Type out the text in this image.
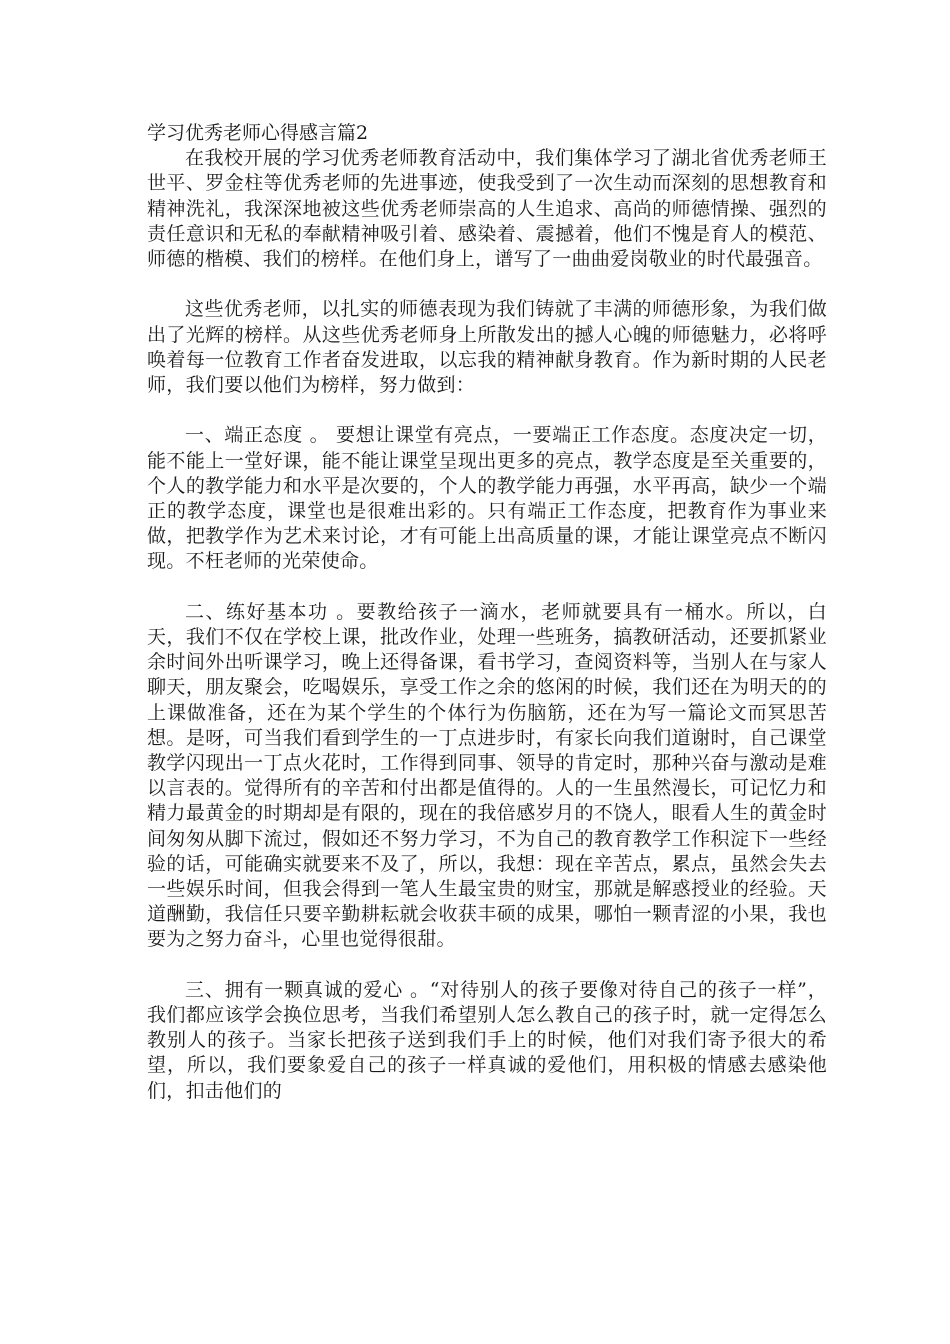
学习优秀老师心得感言篇2

在我校开展的学习优秀老师教育活动中，我们集体学习了湖北省优秀老师王世平、罗金柱等优秀老师的先进事迹，使我受到了一次生动而深刻的思想教育和精神洗礼，我深深地被这些优秀老师崇高的人生追求、高尚的师德情操、强烈的责任意识和无私的奉献精神吸引着、感染着、震撼着，他们不愧是育人的模范、师德的楷模、我们的榜样。在他们身上，谱写了一曲曲爱岗敬业的时代最强音。

这些优秀老师，以扎实的师德表现为我们铸就了丰满的师德形象，为我们做出了光辉的榜样。从这些优秀老师身上所散发出的撼人心魄的师德魅力，必将呼唤着每一位教育工作者奋发进取，以忘我的精神献身教育。作为新时期的人民老师，我们要以他们为榜样，努力做到：

一、端正态度 。 要想让课堂有亮点，一要端正工作态度。态度决定一切，能不能上一堂好课，能不能让课堂呈现出更多的亮点，教学态度是至关重要的，个人的教学能力和水平是次要的，个人的教学能力再强，水平再高，缺少一个端正的教学态度，课堂也是很难出彩的。只有端正工作态度，把教育作为事业来做，把教学作为艺术来讨论，才有可能上出高质量的课，才能让课堂亮点不断闪现。不枉老师的光荣使命。

二、练好基本功 。要教给孩子一滴水，老师就要具有一桶水。所以，白天，我们不仅在学校上课，批改作业，处理一些班务，搞教研活动，还要抓紧业余时间外出听课学习，晚上还得备课，看书学习，查阅资料等，当别人在与家人聊天，朋友聚会，吃喝娱乐，享受工作之余的悠闲的时候，我们还在为明天的的上课做准备，还在为某个学生的个体行为伤脑筋，还在为写一篇论文而冥思苦想。是呀，可当我们看到学生的一丁点进步时，有家长向我们道谢时，自己课堂教学闪现出一丁点火花时，工作得到同事、领导的肯定时，那种兴奋与激动是难以言表的。觉得所有的辛苦和付出都是值得的。人的一生虽然漫长，可记忆力和精力最黄金的时期却是有限的，现在的我倍感岁月的不饶人，眼看人生的黄金时间匆匆从脚下流过，假如还不努力学习，不为自己的教育教学工作积淀下一些经验的话，可能确实就要来不及了，所以，我想：现在辛苦点，累点，虽然会失去一些娱乐时间，但我会得到一笔人生最宝贵的财宝，那就是解惑授业的经验。天道酬勤，我信任只要辛勤耕耘就会收获丰硕的成果，哪怕一颗青涩的小果，我也要为之努力奋斗，心里也觉得很甜。

三、拥有一颗真诚的爱心 。“对待别人的孩子要像对待自己的孩子一样”，我们都应该学会换位思考，当我们希望别人怎么教自己的孩子时，就一定得怎么教别人的孩子。当家长把孩子送到我们手上的时候，他们对我们寄予很大的希望，所以，我们要象爱自己的孩子一样真诚的爱他们，用积极的情感去感染他们，扣击他们的
